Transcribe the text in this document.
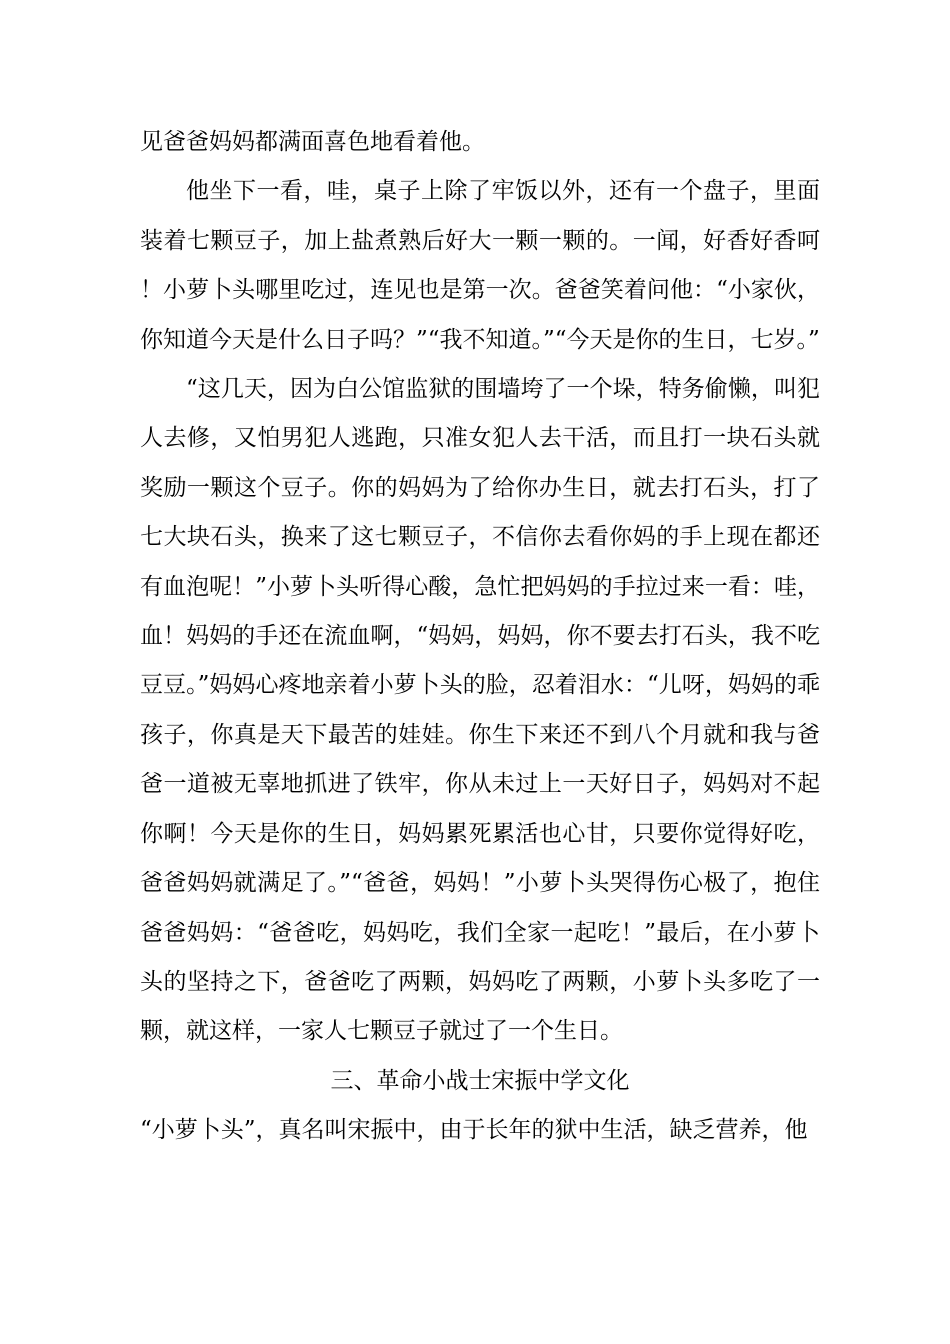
见爸爸妈妈都满面喜色地看着他。

他坐下一看，哇，桌子上除了牢饭以外，还有一个盘子，里面装着七颗豆子，加上盐煮熟后好大一颗一颗的。一闻，好香好香呵！小萝卜头哪里吃过，连见也是第一次。爸爸笑着问他：“小家伙，你知道今天是什么日子吗？”“我不知道。”“今天是你的生日，七岁。”

“这几天，因为白公馆监狱的围墙垮了一个垛，特务偷懒，叫犯人去修，又怕男犯人逃跑，只准女犯人去干活，而且打一块石头就奖励一颗这个豆子。你的妈妈为了给你办生日，就去打石头，打了七大块石头，换来了这七颗豆子，不信你去看你妈的手上现在都还有血泡呢！”小萝卜头听得心酸，急忙把妈妈的手拉过来一看：哇，血！妈妈的手还在流血啊，“妈妈，妈妈，你不要去打石头，我不吃豆豆。”妈妈心疼地亲着小萝卜头的脸，忍着泪水：“儿呀，妈妈的乖孩子，你真是天下最苦的娃娃。你生下来还不到八个月就和我与爸爸一道被无辜地抓进了铁牢，你从未过上一天好日子，妈妈对不起你啊！今天是你的生日，妈妈累死累活也心甘，只要你觉得好吃，爸爸妈妈就满足了。”“爸爸，妈妈！”小萝卜头哭得伤心极了，抱住爸爸妈妈：“爸爸吃，妈妈吃，我们全家一起吃！”最后，在小萝卜头的坚持之下，爸爸吃了两颗，妈妈吃了两颗，小萝卜头多吃了一颗，就这样，一家人七颗豆子就过了一个生日。

三、革命小战士宋振中学文化

“小萝卜头”，真名叫宋振中，由于长年的狱中生活，缺乏营养，他
